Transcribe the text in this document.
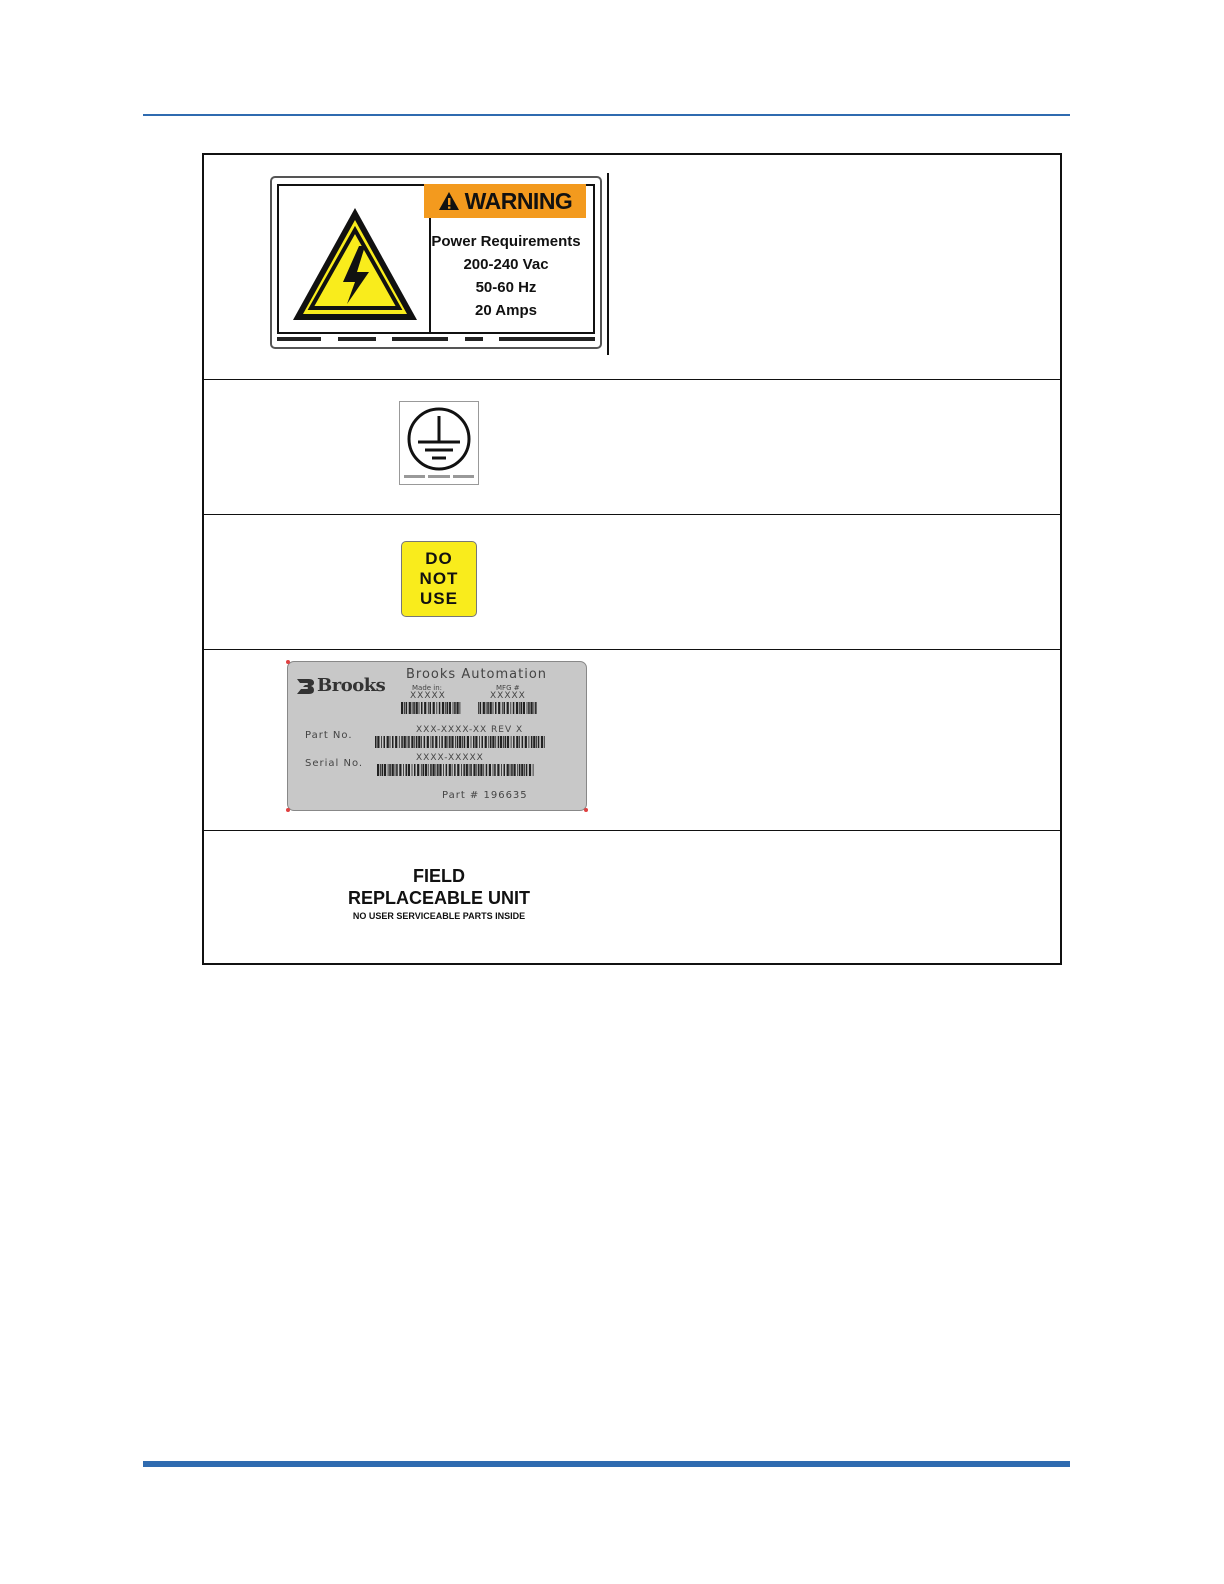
WARNING
Power Requirements
200-240 Vac
50-60 Hz
20 Amps
DO
NOT
USE
Brooks
Brooks Automation
Made in:	MFG #
XXXXX	XXXXX
Part No.	XXX-XXXX-XX REV X
Serial No.	XXXX-XXXXX
Part # 196635
FIELD
REPLACEABLE UNIT
NO USER SERVICEABLE PARTS INSIDE
